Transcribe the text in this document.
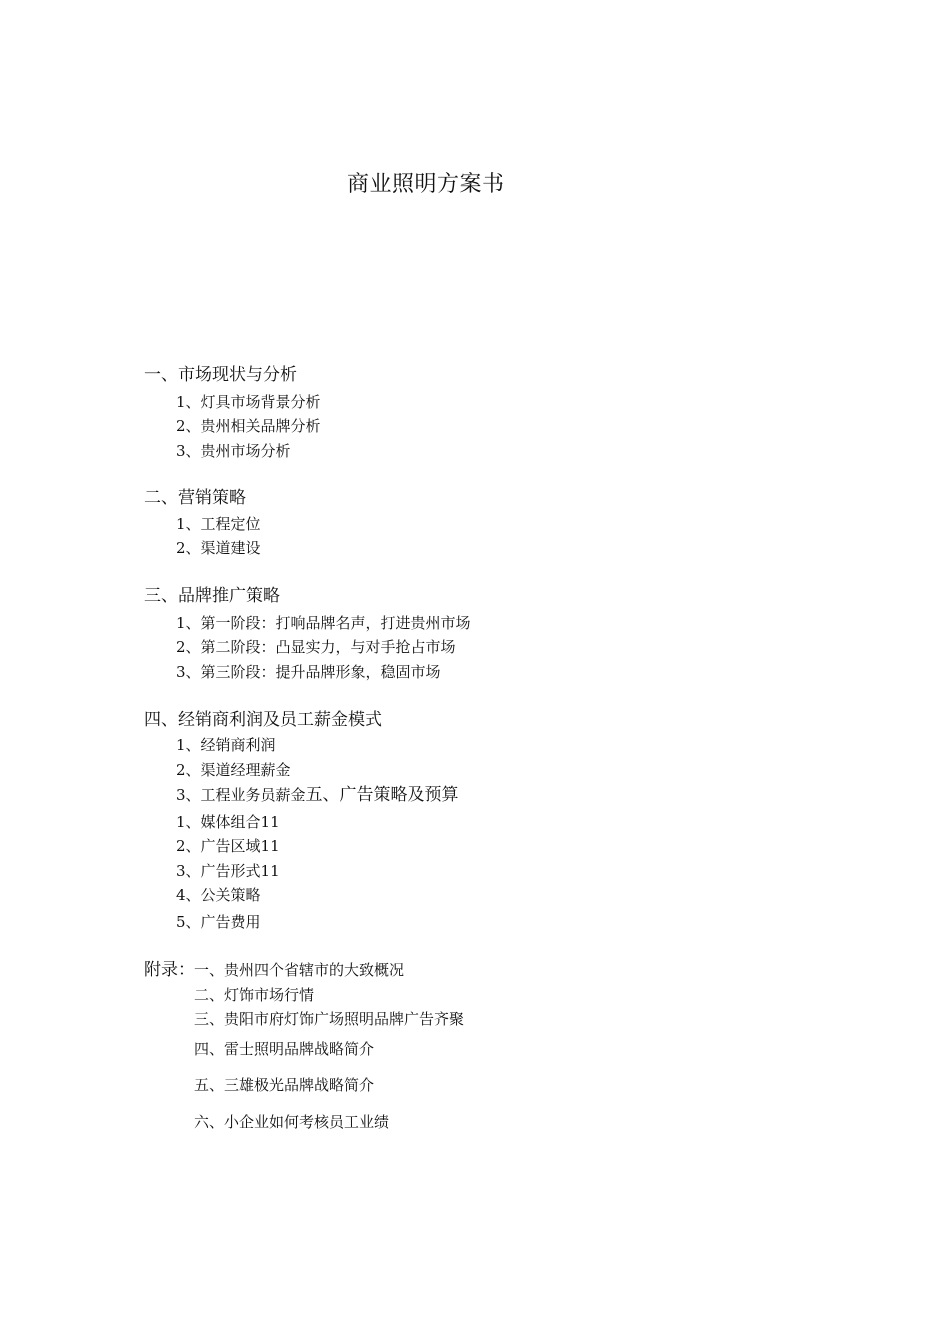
商业照明方案书
一、市场现状与分析
1、灯具市场背景分析
2、贵州相关品牌分析
3、贵州市场分析
二、营销策略
1、工程定位
2、渠道建设
三、品牌推广策略
1、第一阶段：打响品牌名声，打进贵州市场
2、第二阶段：凸显实力，与对手抢占市场
3、第三阶段：提升品牌形象，稳固市场
四、经销商利润及员工薪金模式
1、经销商利润
2、渠道经理薪金
3、工程业务员薪金五、广告策略及预算
1、媒体组合11
2、广告区域11
3、广告形式11
4、公关策略
5、广告费用
附录： 一、贵州四个省辖市的大致概况
二、灯饰市场行情
三、贵阳市府灯饰广场照明品牌广告齐聚
四、雷士照明品牌战略简介
五、三雄极光品牌战略简介
六、小企业如何考核员工业绩
